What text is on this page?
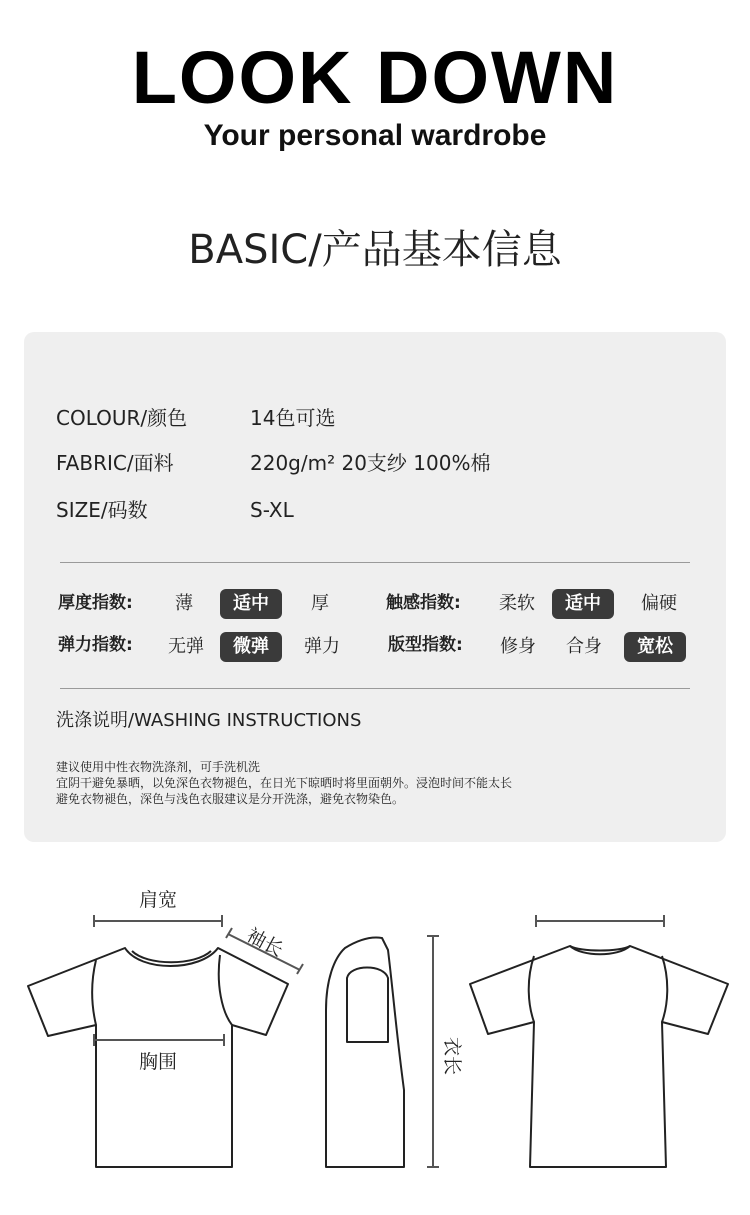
LOOK DOWN
Your personal wardrobe
BASIC/产品基本信息
COLOUR/颜色	14色可选
FABRIC/面料	220g/m² 20支纱 100%棉
SIZE/码数	S-XL
厚度指数:	薄	适中	厚	触感指数:	柔软	适中	偏硬
弹力指数:	无弹	微弹	弹力	版型指数:	修身	合身	宽松
洗涤说明/WASHING INSTRUCTIONS
建议使用中性衣物洗涤剂，可手洗机洗
宜阴干避免暴晒，以免深色衣物褪色，在日光下晾晒时将里面朝外。浸泡时间不能太长
避免衣物褪色，深色与浅色衣服建议是分开洗涤，避免衣物染色。
肩宽
袖长
胸围	衣长
